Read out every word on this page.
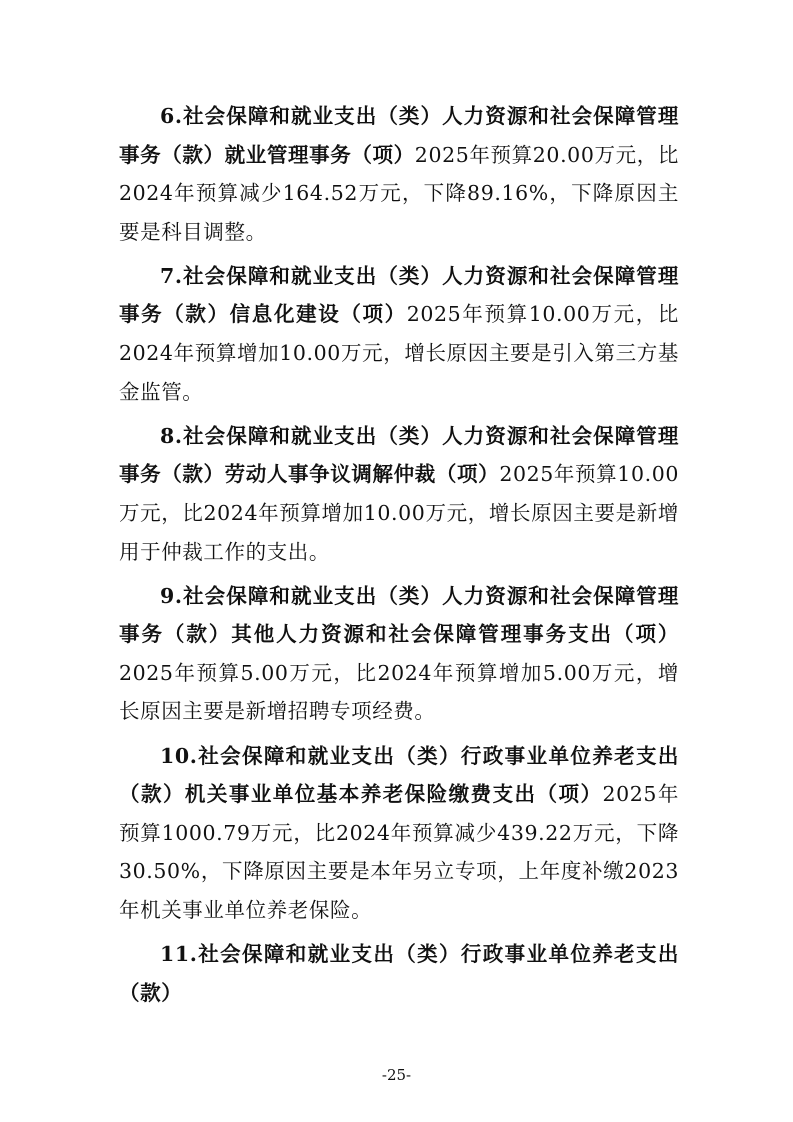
6.社会保障和就业支出（类）人力资源和社会保障管理事务（款）就业管理事务（项）2025年预算20.00万元，比2024年预算减少164.52万元，下降89.16%，下降原因主要是科目调整。

7.社会保障和就业支出（类）人力资源和社会保障管理事务（款）信息化建设（项）2025年预算10.00万元，比2024年预算增加10.00万元，增长原因主要是引入第三方基金监管。

8.社会保障和就业支出（类）人力资源和社会保障管理事务（款）劳动人事争议调解仲裁（项）2025年预算10.00万元，比2024年预算增加10.00万元，增长原因主要是新增用于仲裁工作的支出。

9.社会保障和就业支出（类）人力资源和社会保障管理事务（款）其他人力资源和社会保障管理事务支出（项）2025年预算5.00万元，比2024年预算增加5.00万元，增长原因主要是新增招聘专项经费。

10.社会保障和就业支出（类）行政事业单位养老支出（款）机关事业单位基本养老保险缴费支出（项）2025年预算1000.79万元，比2024年预算减少439.22万元，下降30.50%，下降原因主要是本年另立专项，上年度补缴2023年机关事业单位养老保险。

11.社会保障和就业支出（类）行政事业单位养老支出（款）

-25-
